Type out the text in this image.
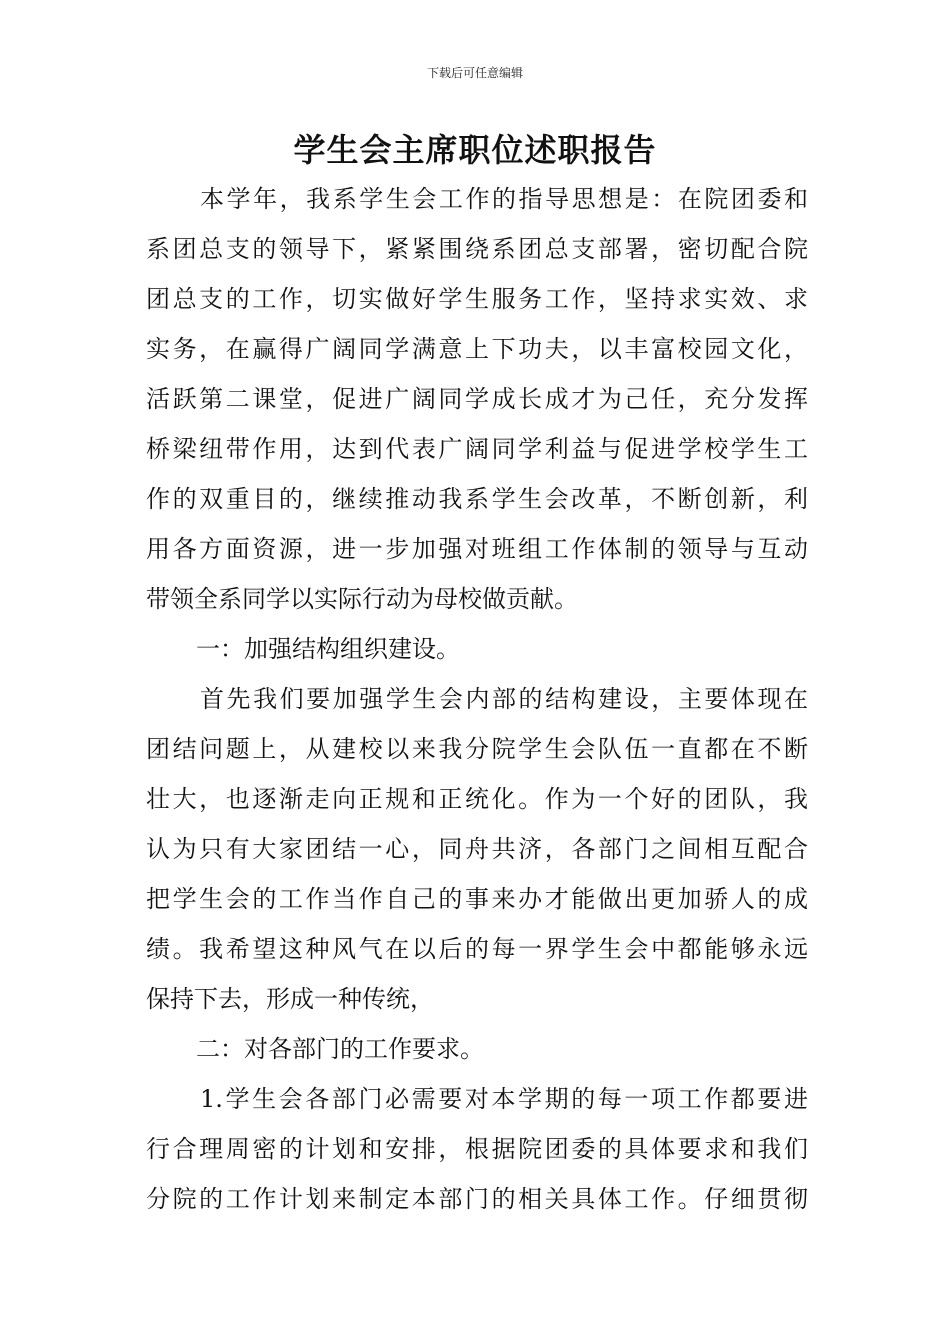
下载后可任意编辑
学生会主席职位述职报告
本学年，我系学生会工作的指导思想是：在院团委和
系团总支的领导下，紧紧围绕系团总支部署，密切配合院
团总支的工作，切实做好学生服务工作，坚持求实效、求
实务，在赢得广阔同学满意上下功夫，以丰富校园文化，
活跃第二课堂，促进广阔同学成长成才为己任，充分发挥
桥梁纽带作用，达到代表广阔同学利益与促进学校学生工
作的双重目的，继续推动我系学生会改革，不断创新，利
用各方面资源，进一步加强对班组工作体制的领导与互动
带领全系同学以实际行动为母校做贡献。
一：加强结构组织建设。
首先我们要加强学生会内部的结构建设，主要体现在
团结问题上，从建校以来我分院学生会队伍一直都在不断
壮大，也逐渐走向正规和正统化。作为一个好的团队，我
认为只有大家团结一心，同舟共济，各部门之间相互配合
把学生会的工作当作自己的事来办才能做出更加骄人的成
绩。我希望这种风气在以后的每一界学生会中都能够永远
保持下去，形成一种传统，
二：对各部门的工作要求。
1.学生会各部门必需要对本学期的每一项工作都要进
行合理周密的计划和安排，根据院团委的具体要求和我们
分院的工作计划来制定本部门的相关具体工作。仔细贯彻
